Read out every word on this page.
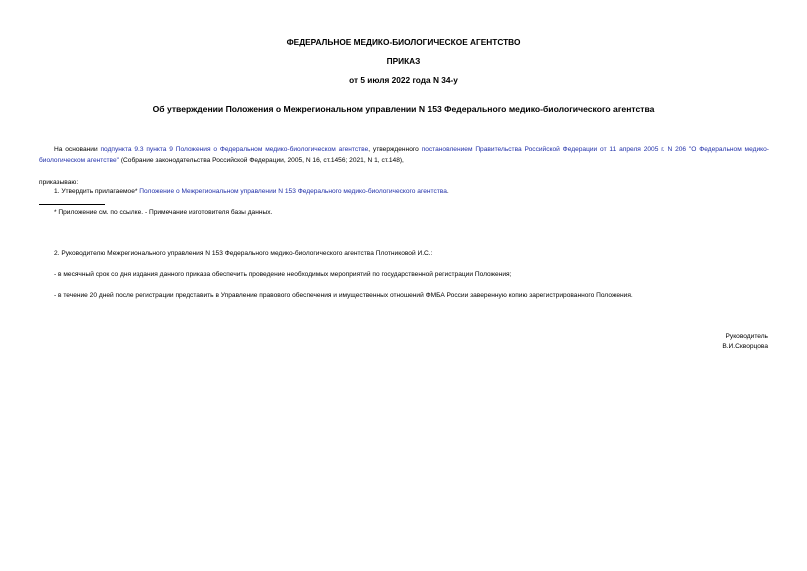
ФЕДЕРАЛЬНОЕ МЕДИКО-БИОЛОГИЧЕСКОЕ АГЕНТСТВО
ПРИКАЗ
от 5 июля 2022 года N 34-у
Об утверждении Положения о Межрегиональном управлении N 153 Федерального медико-биологического агентства
На основании подпункта 9.3 пункта 9 Положения о Федеральном медико-биологическом агентстве, утвержденного постановлением Правительства Российской Федерации от 11 апреля 2005 г. N 206 "О Федеральном медико-биологическом агентстве" (Собрание законодательства Российской Федерации, 2005, N 16, ст.1456; 2021, N 1, ст.148),
приказываю:
1. Утвердить прилагаемое* Положение о Межрегиональном управлении N 153 Федерального медико-биологического агентства.
* Приложение см. по ссылке. - Примечание изготовителя базы данных.
2. Руководителю Межрегионального управления N 153 Федерального медико-биологического агентства Плотниковой И.С.:
- в месячный срок со дня издания данного приказа обеспечить проведение необходимых мероприятий по государственной регистрации Положения;
- в течение 20 дней после регистрации представить в Управление правового обеспечения и имущественных отношений ФМБА России заверенную копию зарегистрированного Положения.
Руководитель
В.И.Скворцова
